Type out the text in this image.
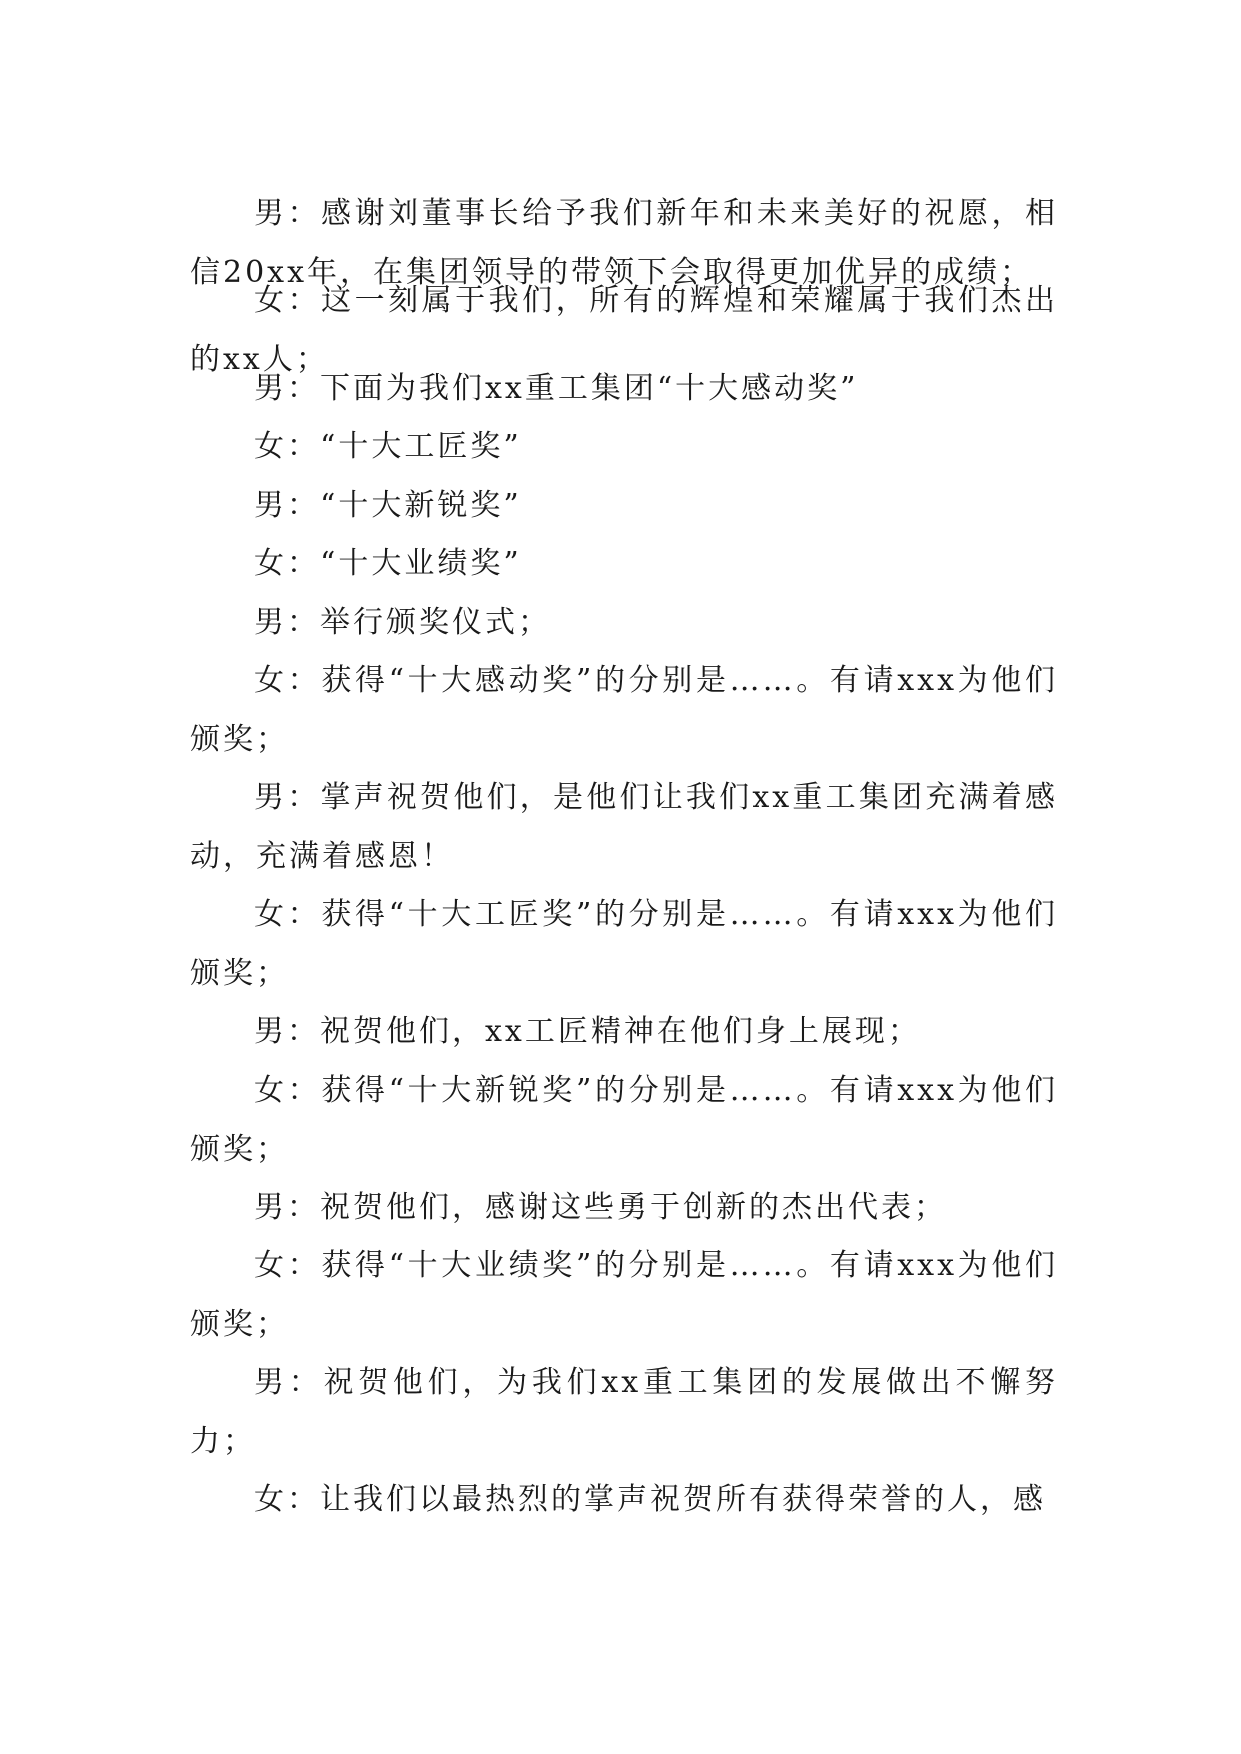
男：感谢刘董事长给予我们新年和未来美好的祝愿，相信20xx年，在集团领导的带领下会取得更加优异的成绩；

女：这一刻属于我们，所有的辉煌和荣耀属于我们杰出的xx人；

男：下面为我们xx重工集团“十大感动奖”

女：“十大工匠奖”

男：“十大新锐奖”

女：“十大业绩奖”

男：举行颁奖仪式；

女：获得“十大感动奖”的分别是……。有请xxx为他们颁奖；

男：掌声祝贺他们，是他们让我们xx重工集团充满着感动，充满着感恩！

女：获得“十大工匠奖”的分别是……。有请xxx为他们颁奖；

男：祝贺他们，xx工匠精神在他们身上展现；

女：获得“十大新锐奖”的分别是……。有请xxx为他们颁奖；

男：祝贺他们，感谢这些勇于创新的杰出代表；

女：获得“十大业绩奖”的分别是……。有请xxx为他们颁奖；

男：祝贺他们，为我们xx重工集团的发展做出不懈努力；

女：让我们以最热烈的掌声祝贺所有获得荣誉的人，感
